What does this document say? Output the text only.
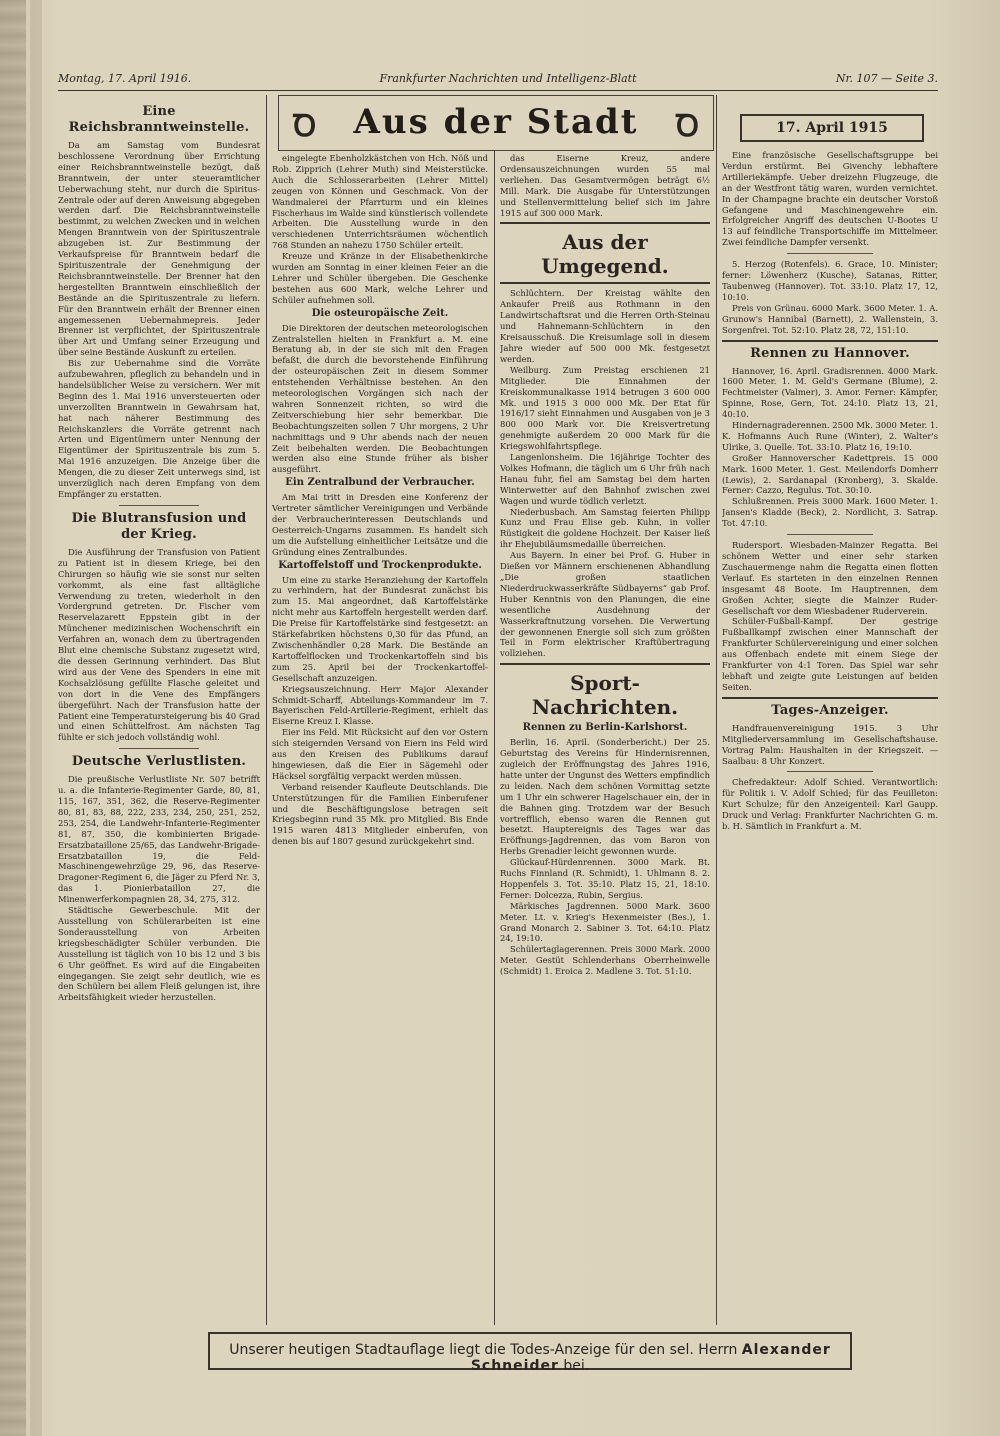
Montag, 17. April 1916.	Frankfurter Nachrichten und Intelligenz-Blatt	Nr. 107 — Seite 3.
Ꝺ	Aus der Stadt	Ꝺ	17. April 1915
Eine Reichsbranntweinstelle.

Da am Samstag vom Bundesrat beschlossene Verordnung über Errichtung einer Reichsbranntweinstelle bezügt, daß Branntwein, der unter steueramtlicher Ueberwachung steht, nur durch die Spiritus-Zentrale oder auf deren Anweisung abgegeben werden darf. Die Reichsbranntweinstelle bestimmt, zu welchen Zwecken und in welchen Mengen Branntwein von der Spirituszentrale abzugeben ist. Zur Bestimmung der Verkaufspreise für Branntwein bedarf die Spirituszentrale der Genehmigung der Reichsbranntweinstelle. Der Brenner hat den hergestellten Branntwein einschließlich der Bestände an die Spirituszentrale zu liefern. Für den Branntwein erhält der Brenner einen angemessenen Uebernahmepreis. Jeder Brenner ist verpflichtet, der Spirituszentrale über Art und Umfang seiner Erzeugung und über seine Bestände Auskunft zu erteilen.

Bis zur Uebernahme sind die Vorräte aufzubewahren, pfleglich zu behandeln und in handelsüblicher Weise zu versichern. Wer mit Beginn des 1. Mai 1916 unversteuerten oder unverzollten Branntwein in Gewahrsam hat, hat nach näherer Bestimmung des Reichskanzlers die Vorräte getrennt nach Arten und Eigentümern unter Nennung der Eigentümer der Spirituszentrale bis zum 5. Mai 1916 anzuzeigen. Die Anzeige über die Mengen, die zu dieser Zeit unterwegs sind, ist unverzüglich nach deren Empfang von dem Empfänger zu erstatten.

Die Blutransfusion und der Krieg.

Die Ausführung der Transfusion von Patient zu Patient ist in diesem Kriege, bei den Chirurgen so häufig wie sie sonst nur selten vorkommt, als eine fast alltägliche Verwendung zu treten, wiederholt in den Vordergrund getreten. Dr. Fischer vom Reservelazarett Eppstein gibt in der Münchener medizinischen Wochenschrift ein Verfahren an, wonach dem zu übertragenden Blut eine chemische Substanz zugesetzt wird, die dessen Gerinnung verhindert. Das Blut wird aus der Vene des Spenders in eine mit Kochsalzlösung gefüllte Flasche geleitet und von dort in die Vene des Empfängers übergeführt. Nach der Transfusion hatte der Patient eine Temperatursteigerung bis 40 Grad und einen Schüttelfrost. Am nächsten Tag fühlte er sich jedoch vollständig wohl.

Deutsche Verlustlisten.

Die preußische Verlustliste Nr. 507 betrifft u. a. die Infanterie-Regimenter Garde, 80, 81, 115, 167, 351, 362, die Reserve-Regimenter 80, 81, 83, 88, 222, 233, 234, 250, 251, 252, 253, 254, die Landwehr-Infanterie-Regimenter 81, 87, 350, die kombinierten Brigade-Ersatzbataillone 25/65, das Landwehr-Brigade-Ersatzbataillon 19, die Feld-Maschinengewehrzüge 29, 96, das Reserve-Dragoner-Regiment 6, die Jäger zu Pferd Nr. 3, das 1. Pionierbataillon 27, die Minenwerferkompagnien 28, 34, 275, 312.

Städtische Gewerbeschule. Mit der Ausstellung von Schülerarbeiten ist eine Sonderausstellung von Arbeiten kriegsbeschädigter Schüler verbunden. Die Ausstellung ist täglich von 10 bis 12 und 3 bis 6 Uhr geöffnet. Es wird auf die Eingabeiten eingegangen. Sie zeigt sehr deutlich, wie es den Schülern bei allem Fleiß gelungen ist, ihre Arbeitsfähigkeit wieder herzustellen.

eingelegte Ebenholzkästchen von Hch. Nöß und Rob. Zipprich (Lehrer Muth) sind Meisterstücke. Auch die Schlosserarbeiten (Lehrer Mittel) zeugen von Können und Geschmack. Von der Wandmalerei der Pfarrturm und ein kleines Fischerhaus im Walde sind künstlerisch vollendete Arbeiten. Die Ausstellung wurde in den verschiedenen Unterrichtsräumen wöchentlich 768 Stunden an nahezu 1750 Schüler erteilt.

Kreuze und Kränze in der Elisabethenkirche wurden am Sonntag in einer kleinen Feier an die Lehrer und Schüler übergeben. Die Geschenke bestehen aus 600 Mark, welche Lehrer und Schüler aufnehmen soll.

Die osteuropäische Zeit.

Die Direktoren der deutschen meteorologischen Zentralstellen hielten in Frankfurt a. M. eine Beratung ab, in der sie sich mit den Fragen befaßt, die durch die bevorstehende Einführung der osteuropäischen Zeit in diesem Sommer entstehenden Verhältnisse bestehen. An den meteorologischen Vorgängen sich nach der wahren Sonnenzeit richten, so wird die Zeitverschiebung hier sehr bemerkbar. Die Beobachtungszeiten sollen 7 Uhr morgens, 2 Uhr nachmittags und 9 Uhr abends nach der neuen Zeit beibehalten werden. Die Beobachtungen werden also eine Stunde früher als bisher ausgeführt.

Ein Zentralbund der Verbraucher.

Am Mai tritt in Dresden eine Konferenz der Vertreter sämtlicher Vereinigungen und Verbände der Verbraucherinteressen Deutschlands und Oesterreich-Ungarns zusammen. Es handelt sich um die Aufstellung einheitlicher Leitsätze und die Gründung eines Zentralbundes.

Kartoffelstoff und Trockenprodukte.

Um eine zu starke Heranziehung der Kartoffeln zu verhindern, hat der Bundesrat zunächst bis zum 15. Mai angeordnet, daß Kartoffelstärke nicht mehr aus Kartoffeln hergestellt werden darf. Die Preise für Kartoffelstärke sind festgesetzt: an Stärkefabriken höchstens 0,30 für das Pfund, an Zwischenhändler 0,28 Mark. Die Bestände an Kartoffelflocken und Trockenkartoffeln sind bis zum 25. April bei der Trockenkartoffel-Gesellschaft anzuzeigen.

Kriegsauszeichnung. Herr Major Alexander Schmidt-Scharff, Abteilungs-Kommandeur im 7. Bayerischen Feld-Artillerie-Regiment, erhielt das Eiserne Kreuz I. Klasse.

Eier ins Feld. Mit Rücksicht auf den vor Ostern sich steigernden Versand von Eiern ins Feld wird aus den Kreisen des Publikums darauf hingewiesen, daß die Eier in Sägemehl oder Häcksel sorgfältig verpackt werden müssen.

Verband reisender Kaufleute Deutschlands. Die Unterstützungen für die Familien Einberufener und die Beschäftigungslose betragen seit Kriegsbeginn rund 35 Mk. pro Mitglied. Bis Ende 1915 waren 4813 Mitglieder einberufen, von denen bis auf 1807 gesund zurückgekehrt sind.

das Eiserne Kreuz, andere Ordensauszeichnungen wurden 55 mal verliehen. Das Gesamtvermögen beträgt 6½ Mill. Mark. Die Ausgabe für Unterstützungen und Stellenvermittelung belief sich im Jahre 1915 auf 300 000 Mark.

Aus der Umgegend.

Schlüchtern. Der Kreistag wählte den Ankaufer Preiß aus Rothmann in den Landwirtschaftsrat und die Herren Orth-Steinau und Hahnemann-Schlüchtern in den Kreisausschuß. Die Kreisumlage soll in diesem Jahre wieder auf 500 000 Mk. festgesetzt werden.

Weilburg. Zum Preistag erschienen 21 Mitglieder. Die Einnahmen der Kreiskommunalkasse 1914 betrugen 3 600 000 Mk. und 1915 3 000 000 Mk. Der Etat für 1916/17 sieht Einnahmen und Ausgaben von je 3 800 000 Mark vor. Die Kreisvertretung genehmigte außerdem 20 000 Mark für die Kriegswohlfahrtspflege.

Langenlonsheim. Die 16jährige Tochter des Volkes Hofmann, die täglich um 6 Uhr früh nach Hanau fuhr, fiel am Samstag bei dem harten Winterwetter auf den Bahnhof zwischen zwei Wagen und wurde tödlich verletzt.

Niederbusbach. Am Samstag feierten Philipp Kunz und Frau Elise geb. Kuhn, in voller Rüstigkeit die goldene Hochzeit. Der Kaiser ließ ihr Ehejubiläumsmedaille überreichen.

Aus Bayern. In einer bei Prof. G. Huber in Dießen vor Männern erschienenen Abhandlung „Die großen staatlichen Niederdruckwasserkräfte Südbayerns“ gab Prof. Huber Kenntnis von den Planungen, die eine wesentliche Ausdehnung der Wasserkraftnutzung vorsehen. Die Verwertung der gewonnenen Energie soll sich zum größten Teil in Form elektrischer Kraftübertragung vollziehen.

Sport-Nachrichten.
Rennen zu Berlin-Karlshorst.

Berlin, 16. April. (Sonderbericht.) Der 25. Geburtstag des Vereins für Hindernisrennen, zugleich der Eröffnungstag des Jahres 1916, hatte unter der Ungunst des Wetters empfindlich zu leiden. Nach dem schönen Vormittag setzte um 1 Uhr ein schwerer Hagelschauer ein, der in die Bahnen ging. Trotzdem war der Besuch vortrefflich, ebenso waren die Rennen gut besetzt. Hauptereignis des Tages war das Eröffnungs-Jagdrennen, das vom Baron von Herbs Grenadier leicht gewonnen wurde.

Glückauf-Hürdenrennen. 3000 Mark. Bt. Ruchs Finnland (R. Schmidt), 1. Uhlmann 8. 2. Hoppenfels 3. Tot. 35:10. Platz 15, 21, 18:10. Ferner: Dolcezza, Rubin, Sergius.

Märkisches Jagdrennen. 5000 Mark. 3600 Meter. Lt. v. Krieg's Hexenmeister (Bes.), 1. Grand Monarch 2. Sabiner 3. Tot. 64:10. Platz 24, 19:10.

Schülertaglagerennen. Preis 3000 Mark. 2000 Meter. Gestüt Schlenderhans Oberrheinwelle (Schmidt) 1. Eroica 2. Madlene 3. Tot. 51:10.

Eine französische Gesellschaftsgruppe bei Verdun erstürmt. Bei Givenchy lebhaftere Artilleriekämpfe. Ueber dreizehn Flugzeuge, die an der Westfront tätig waren, wurden vernichtet. In der Champagne brachte ein deutscher Vorstoß Gefangene und Maschinengewehre ein. Erfolgreicher Angriff des deutschen U-Bootes U 13 auf feindliche Transportschiffe im Mittelmeer. Zwei feindliche Dampfer versenkt.

5. Herzog (Rotenfels). 6. Grace, 10. Minister; ferner: Löwenherz (Kusche), Satanas, Ritter, Taubenweg (Hannover). Tot. 33:10. Platz 17, 12, 10:10.

Preis von Grünau. 6000 Mark. 3600 Meter. 1. A. Grunow's Hannibal (Barnett), 2. Wallenstein, 3. Sorgenfrei. Tot. 52:10. Platz 28, 72, 151:10.

Rennen zu Hannover.

Hannover, 16. April. Gradisrennen. 4000 Mark. 1600 Meter. 1. M. Geld's Germane (Blume), 2. Fechtmeister (Valmer), 3. Amor. Ferner: Kämpfer, Spinne, Rose, Gern, Tot. 24:10. Platz 13, 21, 40:10.

Hindernagraderennen. 2500 Mk. 3000 Meter. 1. K. Hofmanns Auch Rune (Winter), 2. Walter's Ulrike, 3. Quelle. Tot. 33:10. Platz 16, 19:10.

Großer Hannoverscher Kadettpreis. 15 000 Mark. 1600 Meter. 1. Gest. Meilendorfs Domherr (Lewis), 2. Sardanapal (Kronberg), 3. Skalde. Ferner: Cazzo, Regulus. Tot. 30:10.

Schlußrennen. Preis 3000 Mark. 1600 Meter. 1. Jansen's Kladde (Beck), 2. Nordlicht, 3. Satrap. Tot. 47:10.

Rudersport. Wiesbaden-Mainzer Regatta. Bei schönem Wetter und einer sehr starken Zuschauermenge nahm die Regatta einen flotten Verlauf. Es starteten in den einzelnen Rennen insgesamt 48 Boote. Im Hauptrennen, dem Großen Achter, siegte die Mainzer Ruder-Gesellschaft vor dem Wiesbadener Ruderverein.

Schüler-Fußball-Kampf. Der gestrige Fußballkampf zwischen einer Mannschaft der Frankfurter Schülervereinigung und einer solchen aus Offenbach endete mit einem Siege der Frankfurter von 4:1 Toren. Das Spiel war sehr lebhaft und zeigte gute Leistungen auf beiden Seiten.

Tages-Anzeiger.

Handfrauenvereinigung 1915. 3 Uhr Mitgliederversammlung im Gesellschaftshause. Vortrag Palm: Haushalten in der Kriegszeit. — Saalbau: 8 Uhr Konzert.

Chefredakteur: Adolf Schied. Verantwortlich: für Politik i. V. Adolf Schied; für das Feuilleton: Kurt Schulze; für den Anzeigenteil: Karl Gaupp. Druck und Verlag: Frankfurter Nachrichten G. m. b. H. Sämtlich in Frankfurt a. M.

Unserer heutigen Stadtauflage liegt die Todes-Anzeige für den sel. Herrn Alexander Schneider bei.
